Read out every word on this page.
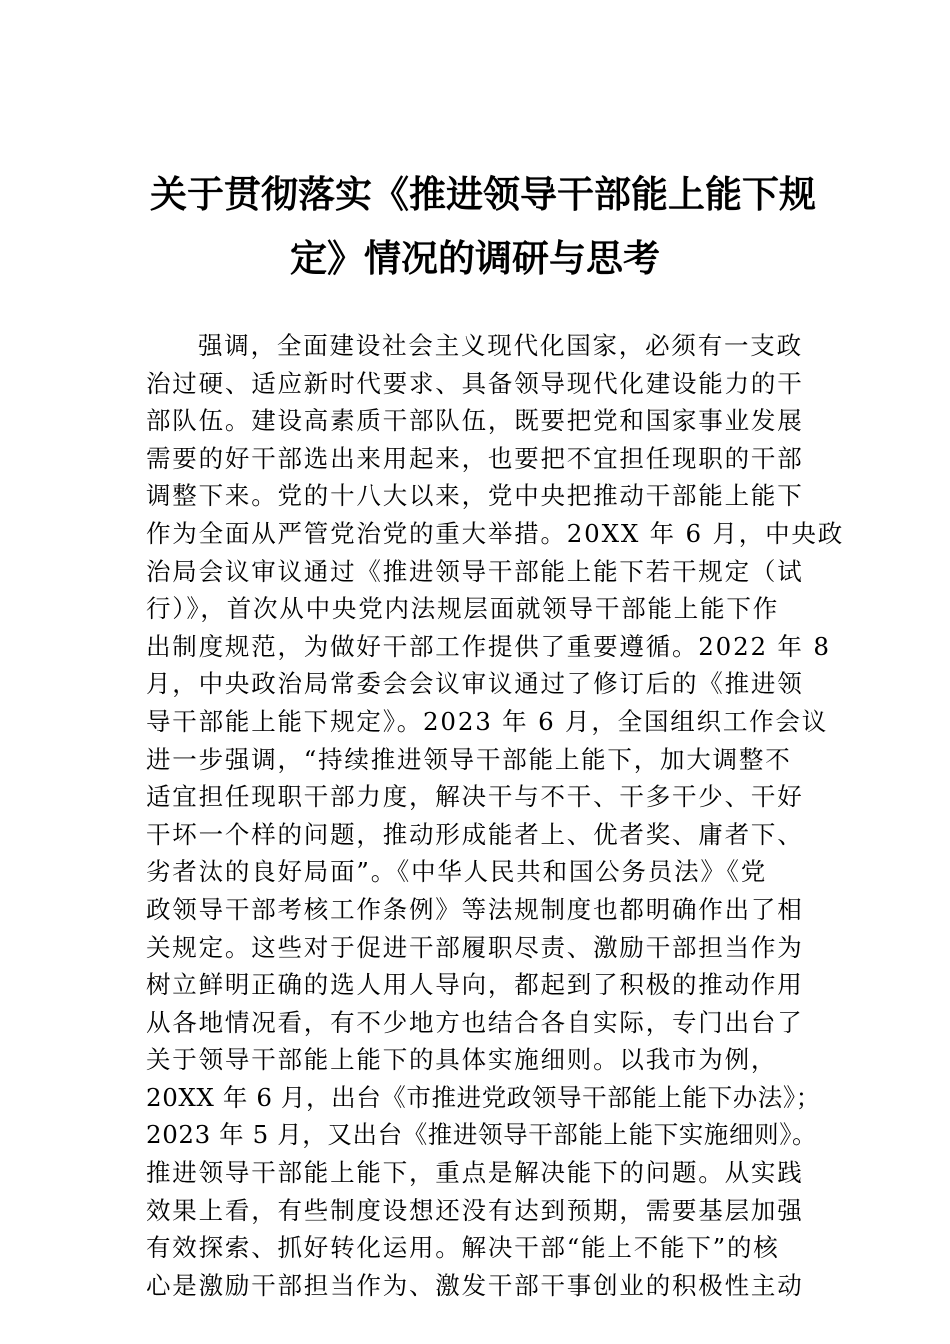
关于贯彻落实《推进领导干部能上能下规
定》情况的调研与思考
强调，全面建设社会主义现代化国家，必须有一支政
治过硬、适应新时代要求、具备领导现代化建设能力的干
部队伍。建设高素质干部队伍，既要把党和国家事业发展
需要的好干部选出来用起来，也要把不宜担任现职的干部
调整下来。党的十八大以来，党中央把推动干部能上能下
作为全面从严管党治党的重大举措。20XX 年 6 月，中央政
治局会议审议通过《推进领导干部能上能下若干规定（试
行）》，首次从中央党内法规层面就领导干部能上能下作
出制度规范，为做好干部工作提供了重要遵循。2022 年 8
月，中央政治局常委会会议审议通过了修订后的《推进领
导干部能上能下规定》。2023 年 6 月，全国组织工作会议
进一步强调，“持续推进领导干部能上能下，加大调整不
适宜担任现职干部力度，解决干与不干、干多干少、干好
干坏一个样的问题，推动形成能者上、优者奖、庸者下、
劣者汰的良好局面”。《中华人民共和国公务员法》《党
政领导干部考核工作条例》等法规制度也都明确作出了相
关规定。这些对于促进干部履职尽责、激励干部担当作为
树立鲜明正确的选人用人导向，都起到了积极的推动作用
从各地情况看，有不少地方也结合各自实际，专门出台了
关于领导干部能上能下的具体实施细则。以我市为例，
20XX 年 6 月，出台《市推进党政领导干部能上能下办法》；
2023 年 5 月，又出台《推进领导干部能上能下实施细则》。
推进领导干部能上能下，重点是解决能下的问题。从实践
效果上看，有些制度设想还没有达到预期，需要基层加强
有效探索、抓好转化运用。解决干部“能上不能下”的核
心是激励干部担当作为、激发干部干事创业的积极性主动
